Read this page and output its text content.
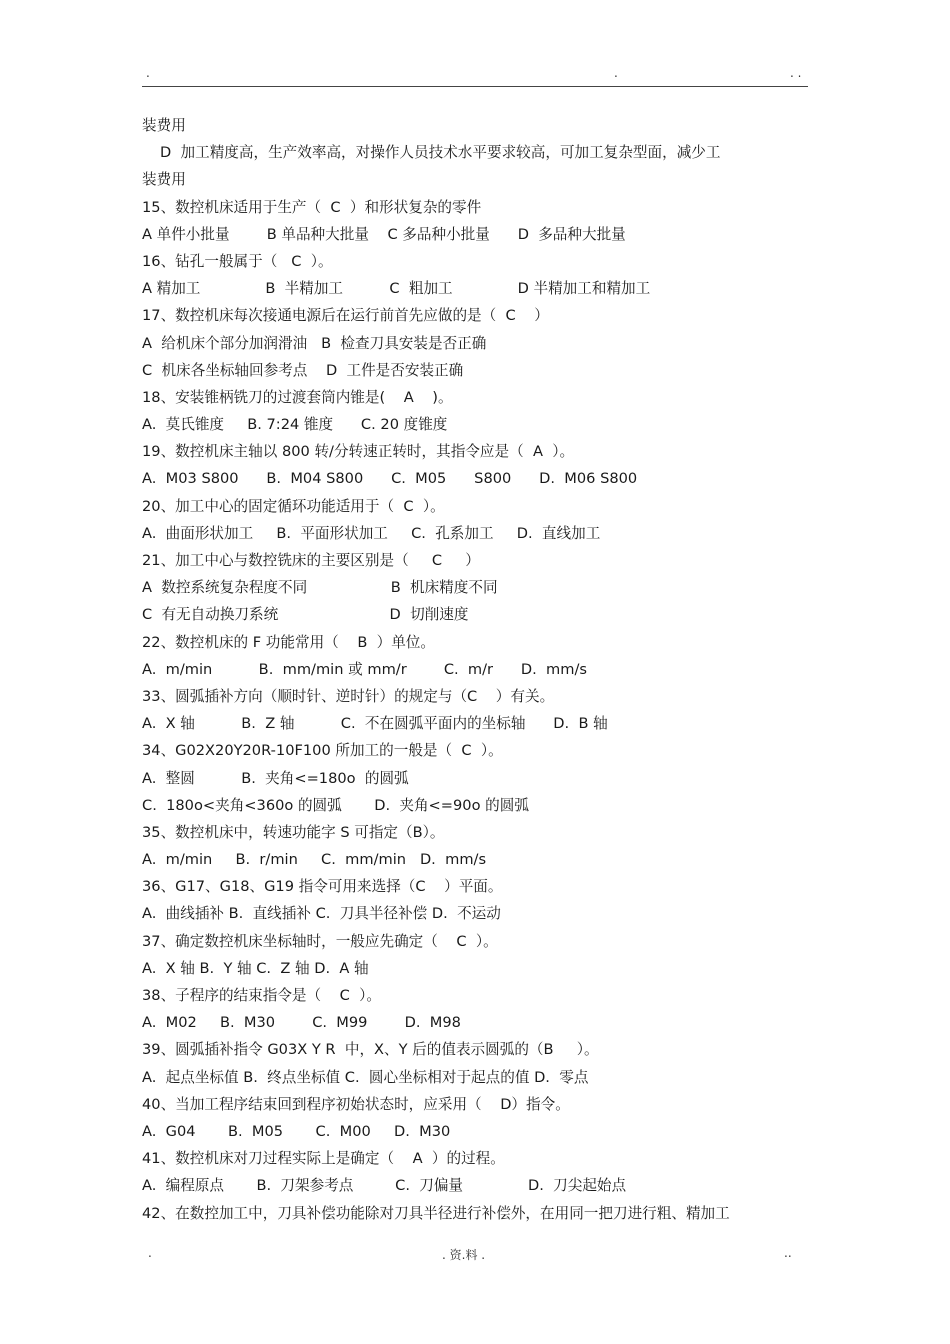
.	.	. .
装费用
D  加工精度高，生产效率高，对操作人员技术水平要求较高，可加工复杂型面，减少工
装费用
15、数控机床适用于生产（  C  ）和形状复杂的零件
A 单件小批量        B 单品种大批量    C 多品种小批量      D  多品种大批量
16、钻孔一般属于（   C  ）。
A 精加工              B  半精加工          C  粗加工              D 半精加工和精加工
17、数控机床每次接通电源后在运行前首先应做的是（  C    ）
A  给机床个部分加润滑油   B  检查刀具安装是否正确
C  机床各坐标轴回参考点    D  工件是否安装正确
18、安装锥柄铣刀的过渡套筒内锥是(    A    )。
A.  莫氏锥度     B. 7:24 锥度      C. 20 度锥度
19、数控机床主轴以 800 转/分转速正转时，其指令应是（  A  ）。
A.  M03 S800      B.  M04 S800      C.  M05      S800      D.  M06 S800
20、加工中心的固定循环功能适用于（  C  ）。
A.  曲面形状加工     B.  平面形状加工     C.  孔系加工     D.  直线加工
21、加工中心与数控铣床的主要区别是（     C     ）
A  数控系统复杂程度不同                  B  机床精度不同
C  有无自动换刀系统                        D  切削速度
22、数控机床的 F 功能常用（    B  ）单位。
A.  m/min          B.  mm/min 或 mm/r        C.  m/r      D.  mm/s
33、圆弧插补方向（顺时针、逆时针）的规定与（C    ）有关。
A.  X 轴          B.  Z 轴          C.  不在圆弧平面内的坐标轴      D.  B 轴
34、G02X20Y20R-10F100 所加工的一般是（  C  ）。
A.  整圆          B.  夹角<=180o  的圆弧
C.  180o<夹角<360o 的圆弧       D.  夹角<=90o 的圆弧
35、数控机床中，转速功能字 S 可指定（B）。
A.  m/min     B.  r/min     C.  mm/min   D.  mm/s
36、G17、G18、G19 指令可用来选择（C    ）平面。
A.  曲线插补 B.  直线插补 C.  刀具半径补偿 D.  不运动
37、确定数控机床坐标轴时，一般应先确定（    C  ）。
A.  X 轴 B.  Y 轴 C.  Z 轴 D.  A 轴
38、子程序的结束指令是（    C  ）。
A.  M02     B.  M30        C.  M99        D.  M98
39、圆弧插补指令 G03X Y R  中，X、Y 后的值表示圆弧的（B     ）。
A.  起点坐标值 B.  终点坐标值 C.  圆心坐标相对于起点的值 D.  零点
40、当加工程序结束回到程序初始状态时，应采用（    D）指令。
A.  G04       B.  M05       C.  M00     D.  M30
41、数控机床对刀过程实际上是确定（    A  ）的过程。
A.  编程原点       B.  刀架参考点         C.  刀偏量              D.  刀尖起始点
42、在数控加工中，刀具补偿功能除对刀具半径进行补偿外，在用同一把刀进行粗、精加工
.	. 资.料 .	..
